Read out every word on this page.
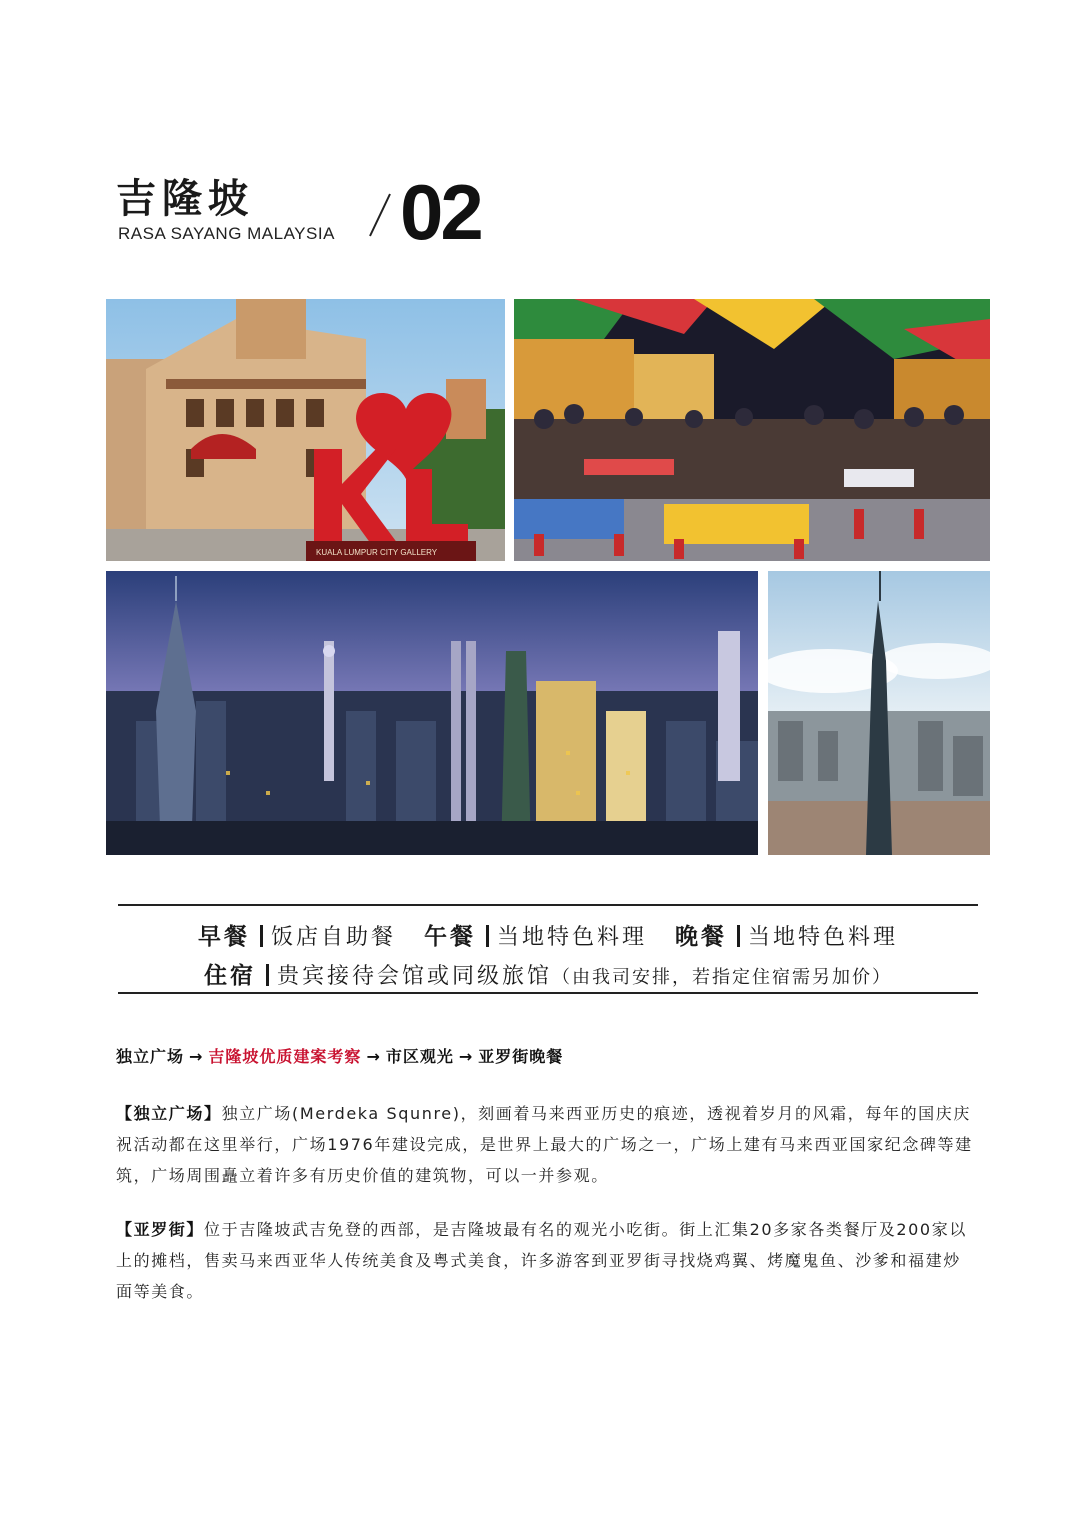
吉隆坡
RASA SAYANG MALAYSIA 02
KUALA LUMPUR CITY GALLERY
早餐 饭店自助餐 午餐 当地特色料理 晚餐 当地特色料理
住宿 贵宾接待会馆或同级旅馆（由我司安排，若指定住宿需另加价）
独立广场 → 吉隆坡优质建案考察 → 市区观光 → 亚罗街晚餐
【独立广场】独立广场(Merdeka Squnre)，刻画着马来西亚历史的痕迹，透视着岁月的风霜，每年的国庆庆祝活动都在这里举行，广场1976年建设完成，是世界上最大的广场之一，广场上建有马来西亚国家纪念碑等建筑，广场周围矗立着许多有历史价值的建筑物，可以一并参观。
【亚罗街】位于吉隆坡武吉免登的西部，是吉隆坡最有名的观光小吃街。街上汇集20多家各类餐厅及200家以上的摊档，售卖马来西亚华人传统美食及粤式美食，许多游客到亚罗街寻找烧鸡翼、烤魔鬼鱼、沙爹和福建炒面等美食。
